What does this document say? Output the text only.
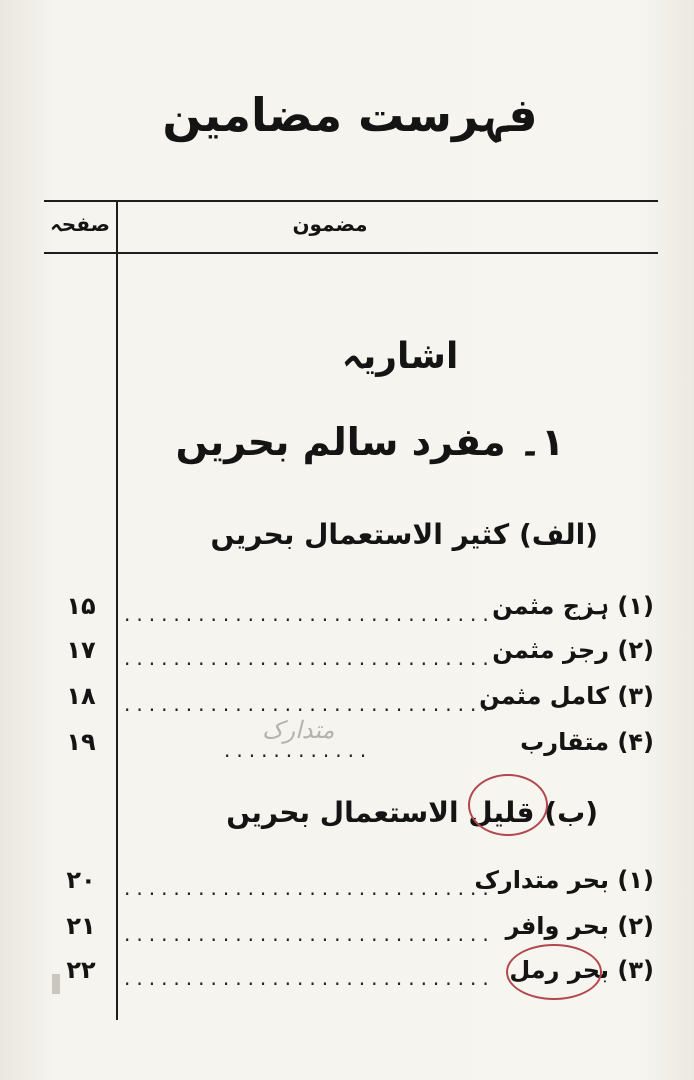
فہرست مضامین
صفحہ	مضمون
اشاریہ
۱۔ مفرد سالم بحریں
(الف) کثیر الاستعمال بحریں
(۱) ہزج مثمن
..............................
۱۵
(۲) رجز مثمن
..............................
۱۷
(۳) کامل مثمن
..............................
۱۸
(۴) متقارب
............
۱۹	متدارک
(ب) قلیل الاستعمال بحریں
(۱) بحر متدارک
..............................
۲۰
(۲) بحر وافر
..............................
۲۱
(۳) بحر رمل
..............................
۲۲
